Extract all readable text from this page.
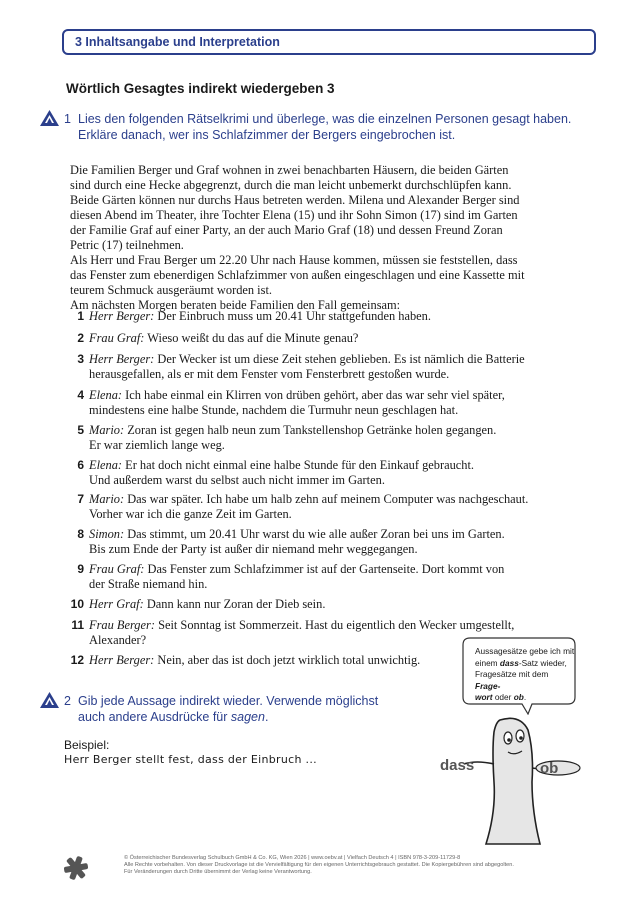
3 Inhaltsangabe und Interpretation
Wörtlich Gesagtes indirekt wiedergeben 3
1 Lies den folgenden Rätselkrimi und überlege, was die einzelnen Personen gesagt haben.
Erkläre danach, wer ins Schlafzimmer der Bergers eingebrochen ist.
Die Familien Berger und Graf wohnen in zwei benachbarten Häusern, die beiden Gärten
sind durch eine Hecke abgegrenzt, durch die man leicht unbemerkt durchschlüpfen kann.
Beide Gärten können nur durchs Haus betreten werden. Milena und Alexander Berger sind
diesen Abend im Theater, ihre Tochter Elena (15) und ihr Sohn Simon (17) sind im Garten
der Familie Graf auf einer Party, an der auch Mario Graf (18) und dessen Freund Zoran
Petric (17) teilnehmen.
Als Herr und Frau Berger um 22.20 Uhr nach Hause kommen, müssen sie feststellen, dass
das Fenster zum ebenerdigen Schlafzimmer von außen eingeschlagen und eine Kassette mit
teurem Schmuck ausgeräumt worden ist.
Am nächsten Morgen beraten beide Familien den Fall gemeinsam:
1 Herr Berger: Der Einbruch muss um 20.41 Uhr stattgefunden haben.
2 Frau Graf: Wieso weißt du das auf die Minute genau?
3 Herr Berger: Der Wecker ist um diese Zeit stehen geblieben. Es ist nämlich die Batterie
herausgefallen, als er mit dem Fenster vom Fensterbrett gestoßen wurde.
4 Elena: Ich habe einmal ein Klirren von drüben gehört, aber das war sehr viel später,
mindestens eine halbe Stunde, nachdem die Turmuhr neun geschlagen hat.
5 Mario: Zoran ist gegen halb neun zum Tankstellenshop Getränke holen gegangen.
Er war ziemlich lange weg.
6 Elena: Er hat doch nicht einmal eine halbe Stunde für den Einkauf gebraucht.
Und außerdem warst du selbst auch nicht immer im Garten.
7 Mario: Das war später. Ich habe um halb zehn auf meinem Computer was nachgeschaut.
Vorher war ich die ganze Zeit im Garten.
8 Simon: Das stimmt, um 20.41 Uhr warst du wie alle außer Zoran bei uns im Garten.
Bis zum Ende der Party ist außer dir niemand mehr weggegangen.
9 Frau Graf: Das Fenster zum Schlafzimmer ist auf der Gartenseite. Dort kommt von
der Straße niemand hin.
10 Herr Graf: Dann kann nur Zoran der Dieb sein.
11 Frau Berger: Seit Sonntag ist Sommerzeit. Hast du eigentlich den Wecker umgestellt,
Alexander?
12 Herr Berger: Nein, aber das ist doch jetzt wirklich total unwichtig.
2 Gib jede Aussage indirekt wieder. Verwende möglichst
auch andere Ausdrücke für sagen.
Beispiel:
Herr Berger stellt fest, dass der Einbruch ...
Aussagesätze gebe ich mit
einem dass-Satz wieder,
Fragesätze mit dem Frage-
wort oder ob.
dass	ob
© Österreichischer Bundesverlag Schulbuch GmbH & Co. KG, Wien 2026 | www.oebv.at | Vielfach Deutsch 4 | ISBN 978-3-209-11729-8
Alle Rechte vorbehalten. Von dieser Druckvorlage ist die Vervielfältigung für den eigenen Unterrichtsgebrauch gestattet. Die Kopiergebühren sind abgegolten.
Für Veränderungen durch Dritte übernimmt der Verlag keine Verantwortung.
